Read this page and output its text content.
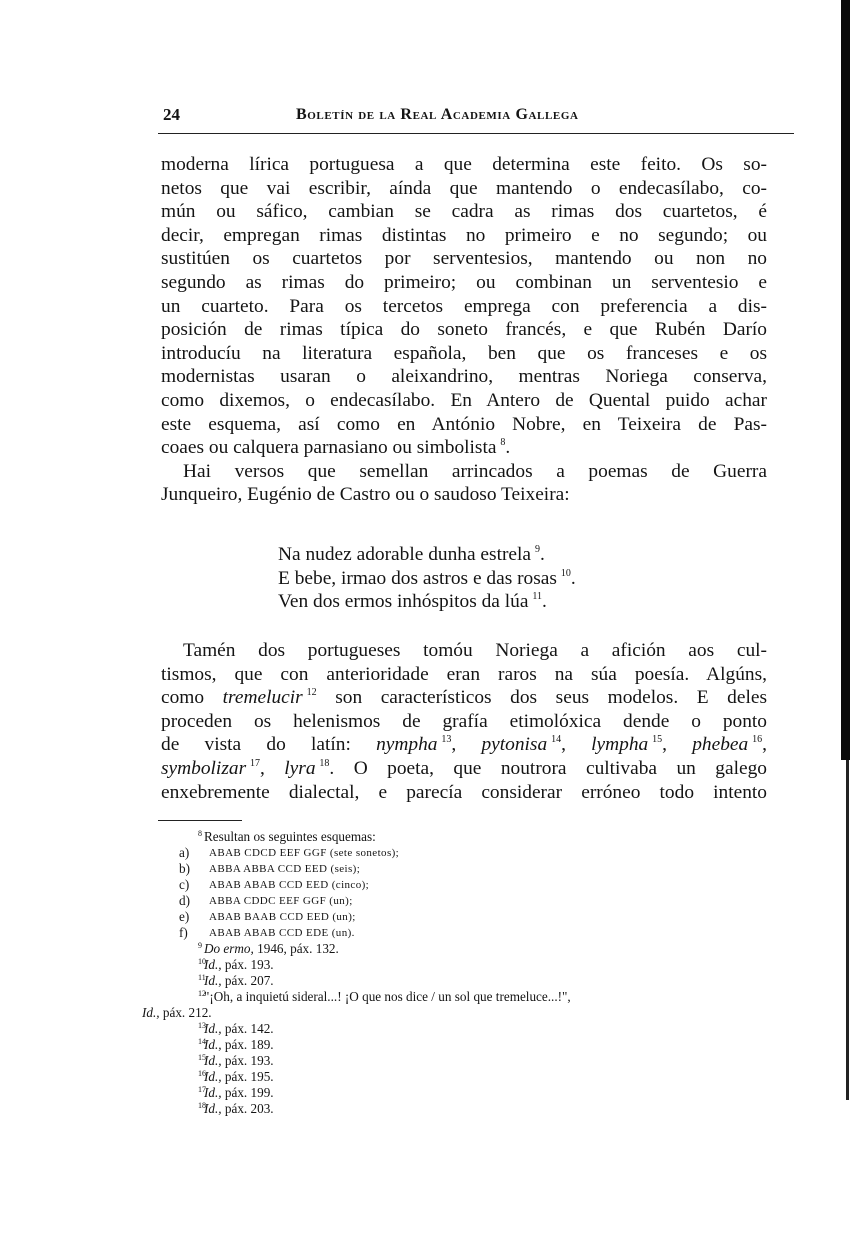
24	Boletín de la Real Academia Gallega
moderna lírica portuguesa a que determina este feito. Os so-
netos que vai escribir, aínda que mantendo o endecasílabo, co-
mún ou sáfico, cambian se cadra as rimas dos cuartetos, é
decir, empregan rimas distintas no primeiro e no segundo; ou
sustitúen os cuartetos por serventesios, mantendo ou non no
segundo as rimas do primeiro; ou combinan un serventesio e
un cuarteto. Para os tercetos emprega con preferencia a dis-
posición de rimas típica do soneto francés, e que Rubén Darío
introducíu na literatura española, ben que os franceses e os
modernistas usaran o aleixandrino, mentras Noriega conserva,
como dixemos, o endecasílabo. En Antero de Quental puido achar
este esquema, así como en António Nobre, en Teixeira de Pas-
coaes ou calquera parnasiano ou simbolista  $^8$.
Hai versos que semellan arrincados a poemas de Guerra
Junqueiro, Eugénio de Castro ou o saudoso Teixeira:
Na nudez adorable dunha estrela  $^9$.
E bebe, irmao dos astros e das rosas  $^{10}$.
Ven dos ermos inhóspitos da lúa  $^{11}$.
Tamén dos portugueses tomóu Noriega a afición aos cul-
tismos, que con anterioridade eran raros na súa poesía. Algúns,
como tremelucir  $^{12}$ son característicos dos seus modelos. E deles
proceden os helenismos de grafía etimolóxica dende o ponto
de vista do latín: nympha  $^{13}$, pytonisa  $^{14}$, lympha  $^{15}$, phebea  $^{16}$,
symbolizar  $^{17}$, lyra  $^{18}$. O poeta, que noutrora cultivaba un galego
enxebremente dialectal, e parecía considerar erróneo todo intento
8 Resultan os seguintes esquemas:
a) ABAB CDCD EEF GGF (sete sonetos);
b) ABBA ABBA CCD EED (seis);
c) ABAB ABAB CCD EED (cinco);
d) ABBA CDDC EEF GGF (un);
e) ABAB BAAB CCD EED (un);
f) ABAB ABAB CCD EDE (un).
9 Do ermo, 1946, páx. 132.
10
Id., páx. 193.
11
Id., páx. 207.
12
"¡Oh, a inquietú sideral...! ¡O que nos dice / un sol que tremeluce...!",
Id., páx. 212.
13
Id., páx. 142.
14
Id., páx. 189.
15
Id., páx. 193.
16
Id., páx. 195.
17
Id., páx. 199.
18
Id., páx. 203.
